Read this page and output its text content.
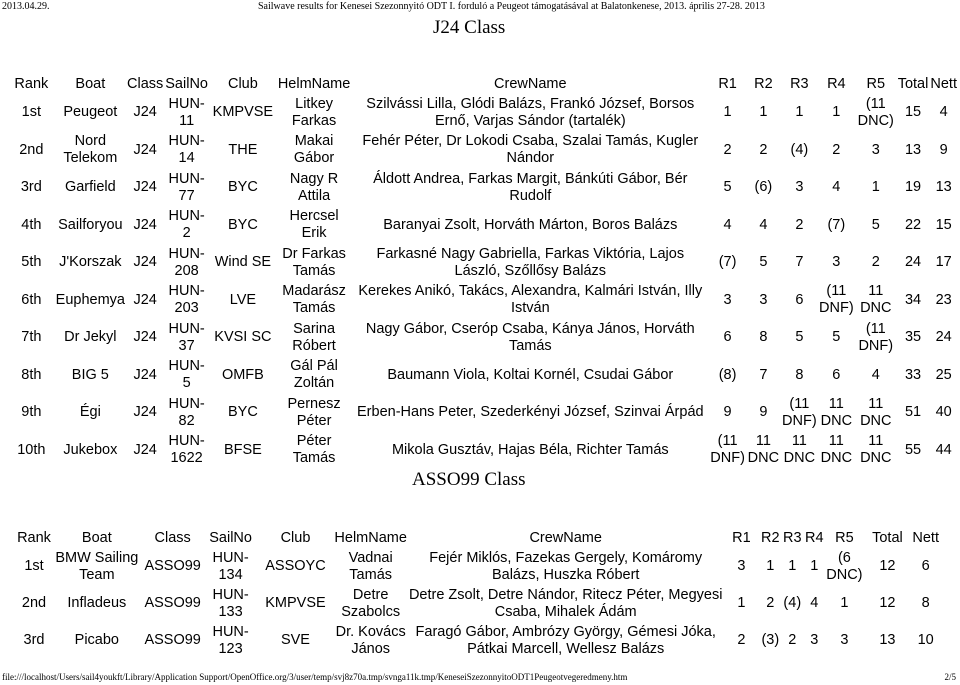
2013.04.29.	Sailwave results for Kenesei Szezonnyitó ODT I. forduló a Peugeot támogatásával at Balatonkenese, 2013. április 27-28. 2013
J24 Class
Rank	Boat	Class	SailNo	Club	HelmName	CrewName	R1	R2	R3	R4	R5	Total	Nett
1st	Peugeot	J24	HUN-11	KMPVSE	Litkey Farkas	Szilvássi Lilla, Glódi Balázs, Frankó József, Borsos Ernő, Varjas Sándor (tartalék)	1	1	1	1	(11 DNC)	15	4
2nd	Nord Telekom	J24	HUN-14	THE	Makai Gábor	Fehér Péter, Dr Lokodi Csaba, Szalai Tamás, Kugler Nándor	2	2	(4)	2	3	13	9
3rd	Garfield	J24	HUN-77	BYC	Nagy R Attila	Áldott Andrea, Farkas Margit, Bánkúti Gábor, Bér Rudolf	5	(6)	3	4	1	19	13
4th	Sailforyou	J24	HUN-2	BYC	Hercsel Erik	Baranyai Zsolt, Horváth Márton, Boros Balázs	4	4	2	(7)	5	22	15
5th	J'Korszak	J24	HUN-208	Wind SE	Dr Farkas Tamás	Farkasné Nagy Gabriella, Farkas Viktória, Lajos László, Szőllősy Balázs	(7)	5	7	3	2	24	17
6th	Euphemya	J24	HUN-203	LVE	Madarász Tamás	Kerekes Anikó, Takács, Alexandra, Kalmári István, Illy István	3	3	6	(11 DNF)	11 DNC	34	23
7th	Dr Jekyl	J24	HUN-37	KVSI SC	Sarina Róbert	Nagy Gábor, Cseróp Csaba, Kánya János, Horváth Tamás	6	8	5	5	(11 DNF)	35	24
8th	BIG 5	J24	HUN-5	OMFB	Gál Pál Zoltán	Baumann Viola, Koltai Kornél, Csudai Gábor	(8)	7	8	6	4	33	25
9th	Égi	J24	HUN-82	BYC	Pernesz Péter	Erben-Hans Peter, Szederkényi József, Szinvai Árpád	9	9	(11 DNF)	11 DNC	11 DNC	51	40
10th	Jukebox	J24	HUN-1622	BFSE	Péter Tamás	Mikola Gusztáv, Hajas Béla, Richter Tamás	(11 DNF)	11 DNC	11 DNC	11 DNC	11 DNC	55	44
ASSO99 Class
Rank	Boat	Class	SailNo	Club	HelmName	CrewName	R1	R2	R3	R4	R5	Total	Nett
1st	BMW Sailing Team	ASSO99	HUN-134	ASSOYC	Vadnai Tamás	Fejér Miklós, Fazekas Gergely, Komáromy Balázs, Huszka Róbert	3	1	1	1	(6 DNC)	12	6
2nd	Infladeus	ASSO99	HUN-133	KMPVSE	Detre Szabolcs	Detre Zsolt, Detre Nándor, Ritecz Péter, Megyesi Csaba, Mihalek Ádám	1	2	(4)	4	1	12	8
3rd	Picabo	ASSO99	HUN-123	SVE	Dr. Kovács János	Faragó Gábor, Ambrózy György, Gémesi Jóka, Pátkai Marcell, Wellesz Balázs	2	(3)	2	3	3	13	10
file:///localhost/Users/sail4youkft/Library/Application Support/OpenOffice.org/3/user/temp/svj8z70a.tmp/svnga11k.tmp/KeneseiSzezonnyitoODT1Peugeotvegeredmeny.htm	2/5
